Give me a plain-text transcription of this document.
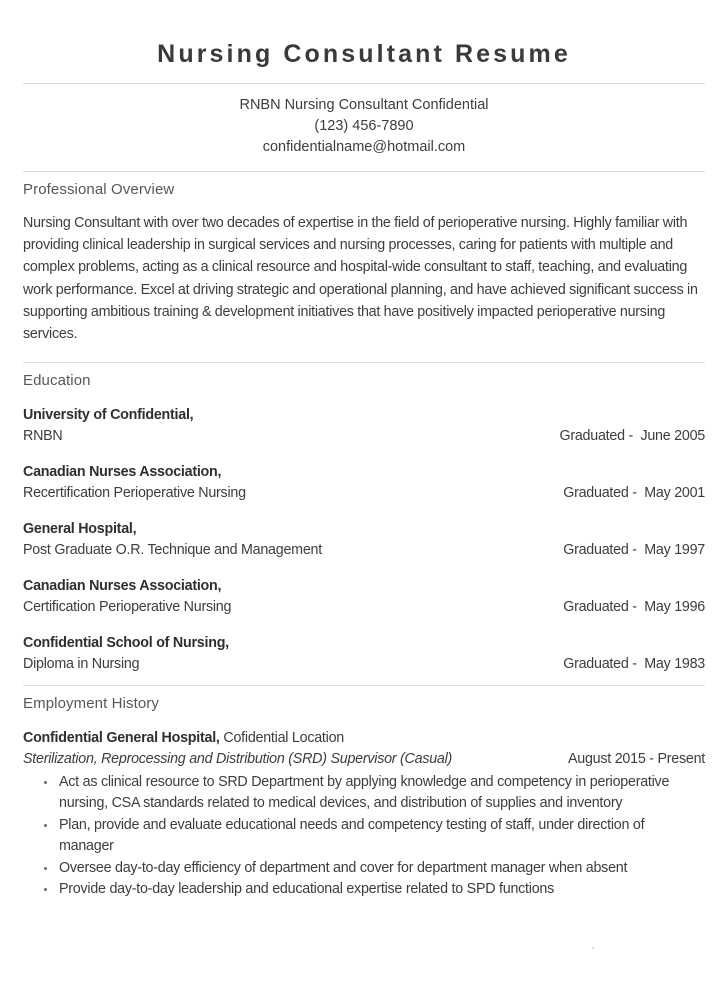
Nursing Consultant Resume
RNBN Nursing Consultant Confidential
(123) 456-7890
confidentialname@hotmail.com
Professional Overview

Nursing Consultant with over two decades of expertise in the field of perioperative nursing. Highly familiar with providing clinical leadership in surgical services and nursing processes, caring for patients with multiple and complex problems, acting as a clinical resource and hospital-wide consultant to staff, teaching, and evaluating work performance. Excel at driving strategic and operational planning, and have achieved significant success in supporting ambitious training & development initiatives that have positively impacted perioperative nursing services.

Education
University of Confidential,
RNBN	Graduated -  June 2005
Canadian Nurses Association,
Recertification Perioperative Nursing	Graduated -  May 2001
General Hospital,
Post Graduate O.R. Technique and Management	Graduated -  May 1997
Canadian Nurses Association,
Certification Perioperative Nursing	Graduated -  May 1996
Confidential School of Nursing,
Diploma in Nursing	Graduated -  May 1983
Employment History
Confidential General Hospital, Cofidential Location
Sterilization, Reprocessing and Distribution (SRD) Supervisor (Casual)	August 2015 - Present
Act as clinical resource to SRD Department by applying knowledge and competency in perioperative nursing, CSA standards related to medical devices, and distribution of supplies and inventory
Plan, provide and evaluate educational needs and competency testing of staff, under direction of manager
Oversee day-to-day efficiency of department and cover for department manager when absent
Provide day-to-day leadership and educational expertise related to SPD functions
